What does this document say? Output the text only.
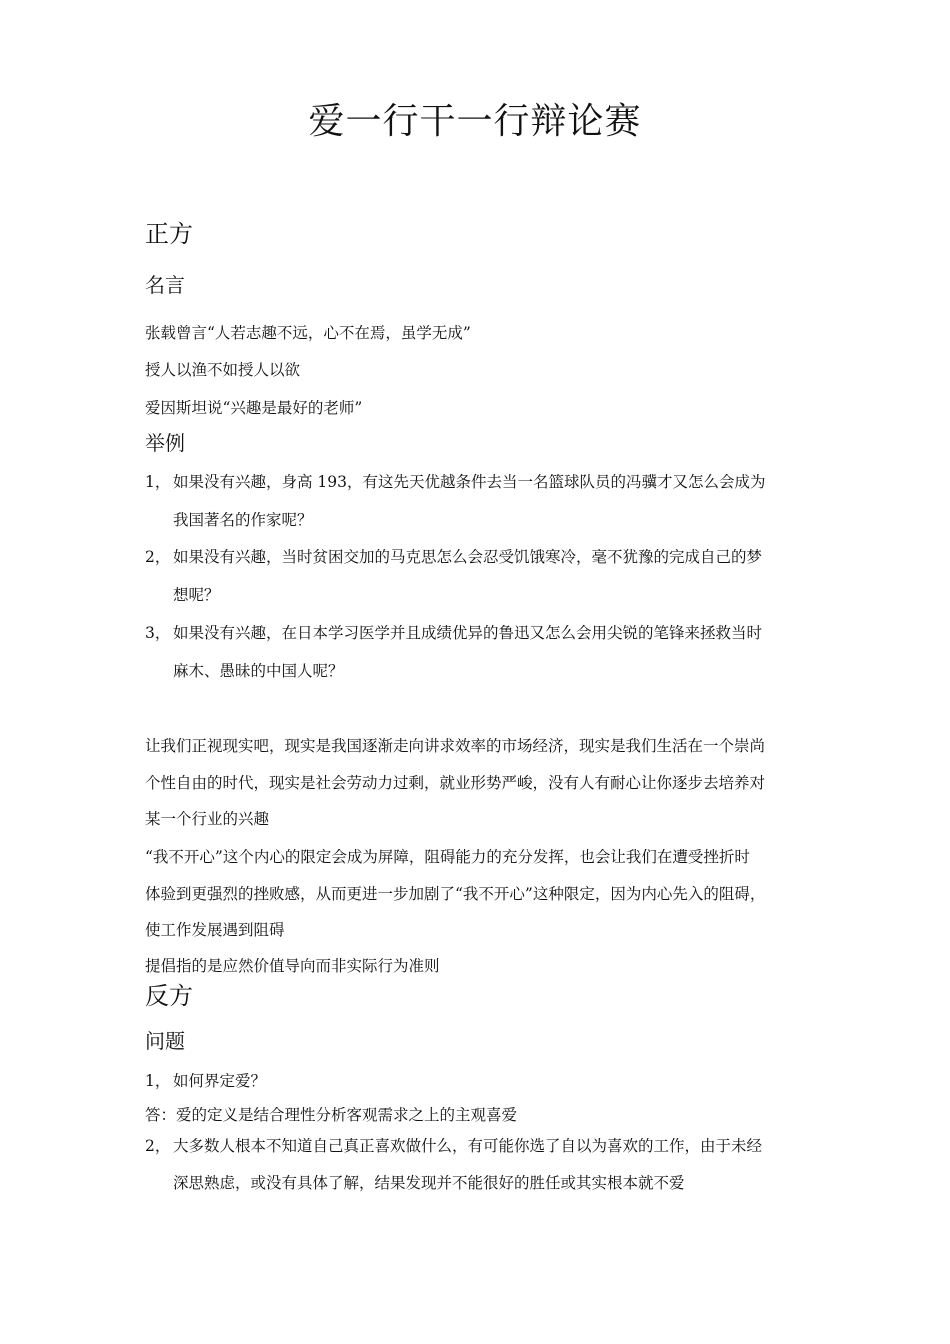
爱一行干一行辩论赛
正方
名言
张载曾言“人若志趣不远，心不在焉，虽学无成”
授人以渔不如授人以欲
爱因斯坦说“兴趣是最好的老师”
举例
1， 如果没有兴趣，身高 193，有这先天优越条件去当一名篮球队员的冯骥才又怎么会成为
我国著名的作家呢？
2， 如果没有兴趣，当时贫困交加的马克思怎么会忍受饥饿寒冷，毫不犹豫的完成自己的梦
想呢？
3， 如果没有兴趣，在日本学习医学并且成绩优异的鲁迅又怎么会用尖锐的笔锋来拯救当时
麻木、愚昧的中国人呢？
让我们正视现实吧，现实是我国逐渐走向讲求效率的市场经济，现实是我们生活在一个崇尚
个性自由的时代，现实是社会劳动力过剩，就业形势严峻，没有人有耐心让你逐步去培养对
某一个行业的兴趣
“我不开心”这个内心的限定会成为屏障，阻碍能力的充分发挥，也会让我们在遭受挫折时
体验到更强烈的挫败感，从而更进一步加剧了“我不开心”这种限定，因为内心先入的阻碍，
使工作发展遇到阻碍
提倡指的是应然价值导向而非实际行为准则
反方
问题
1， 如何界定爱？
答：爱的定义是结合理性分析客观需求之上的主观喜爱
2， 大多数人根本不知道自己真正喜欢做什么，有可能你选了自以为喜欢的工作，由于未经
深思熟虑，或没有具体了解，结果发现并不能很好的胜任或其实根本就不爱
